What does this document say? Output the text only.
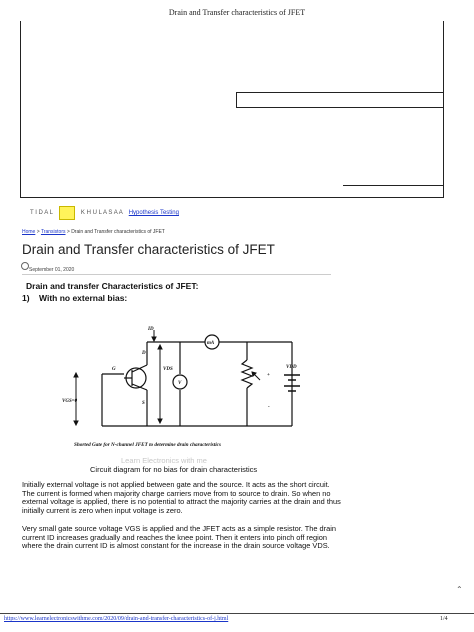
Drain and Transfer characteristics of JFET
T I D A L	K H U L A S A A Hypothesis Testing
Home > Transistors > Drain and Transfer characteristics of JFET
Drain and Transfer characteristics of JFET
September 01, 2020
Drain and transfer Characteristics of JFET:
1)    With no external bias:
ID
mA
D
G
S
VDS
V
VDD
VGS=0
+
-
Shorted Gate for N-channel JFET to determine drain characteristics
Learn Electronics with me
Circuit diagram for no bias for drain characteristics
Initially external voltage is not applied between gate and the source. It acts as the short circuit. The current is formed when majority charge carriers move from to source to drain. So when no external voltage is applied, there is no potential to attract the majority carries at the drain and thus initially current is zero when input voltage is zero.
Very small gate source voltage VGS is applied and the JFET acts as a simple resistor. The drain current ID increases gradually and reaches the knee point. Then it enters into pinch off region where the drain current ID is almost constant for the increase in the drain source voltage VDS.
⌃
https://www.learnelectronicswithme.com/2020/09/drain-and-transfer-characteristics-of-j.html	1/4
